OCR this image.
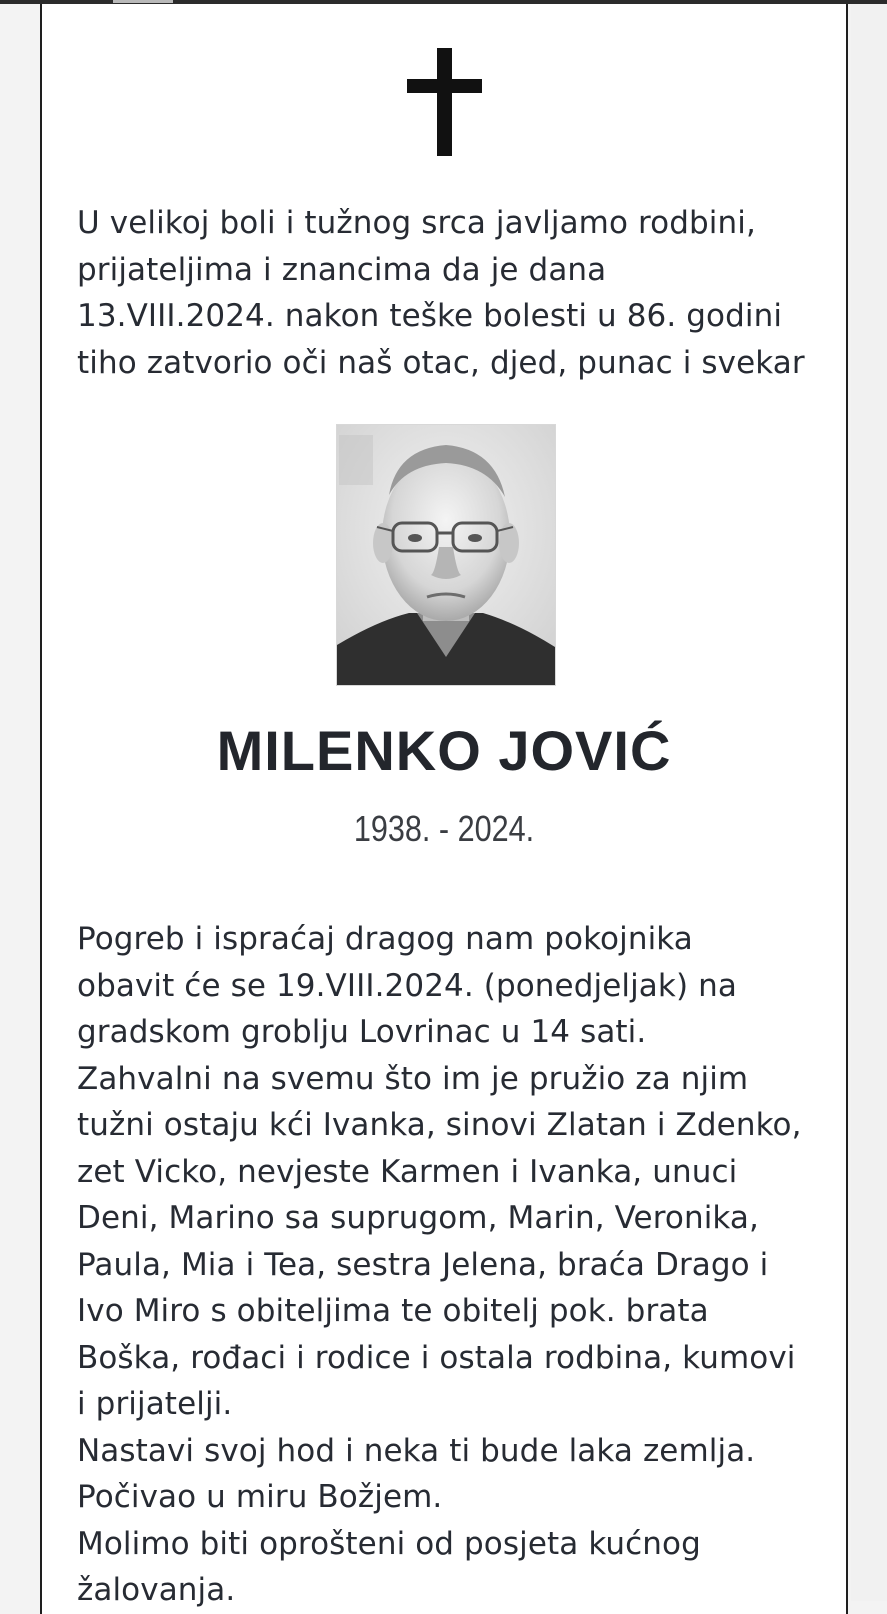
U velikoj boli i tužnog srca javljamo rodbini,
prijateljima i znancima da je dana
13.VIII.2024. nakon teške bolesti u 86. godini
tiho zatvorio oči naš otac, djed, punac i svekar
MILENKO JOVIĆ
1938. - 2024.
Pogreb i ispraćaj dragog nam pokojnika
obavit će se 19.VIII.2024. (ponedjeljak) na
gradskom groblju Lovrinac u 14 sati.
Zahvalni na svemu što im je pružio za njim
tužni ostaju kći Ivanka, sinovi Zlatan i Zdenko,
zet Vicko, nevjeste Karmen i Ivanka, unuci
Deni, Marino sa suprugom, Marin, Veronika,
Paula, Mia i Tea, sestra Jelena, braća Drago i
Ivo Miro s obiteljima te obitelj pok. brata
Boška, rođaci i rodice i ostala rodbina, kumovi
i prijatelji.
Nastavi svoj hod i neka ti bude laka zemlja.
Počivao u miru Božjem.
Molimo biti oprošteni od posjeta kućnog
žalovanja.
